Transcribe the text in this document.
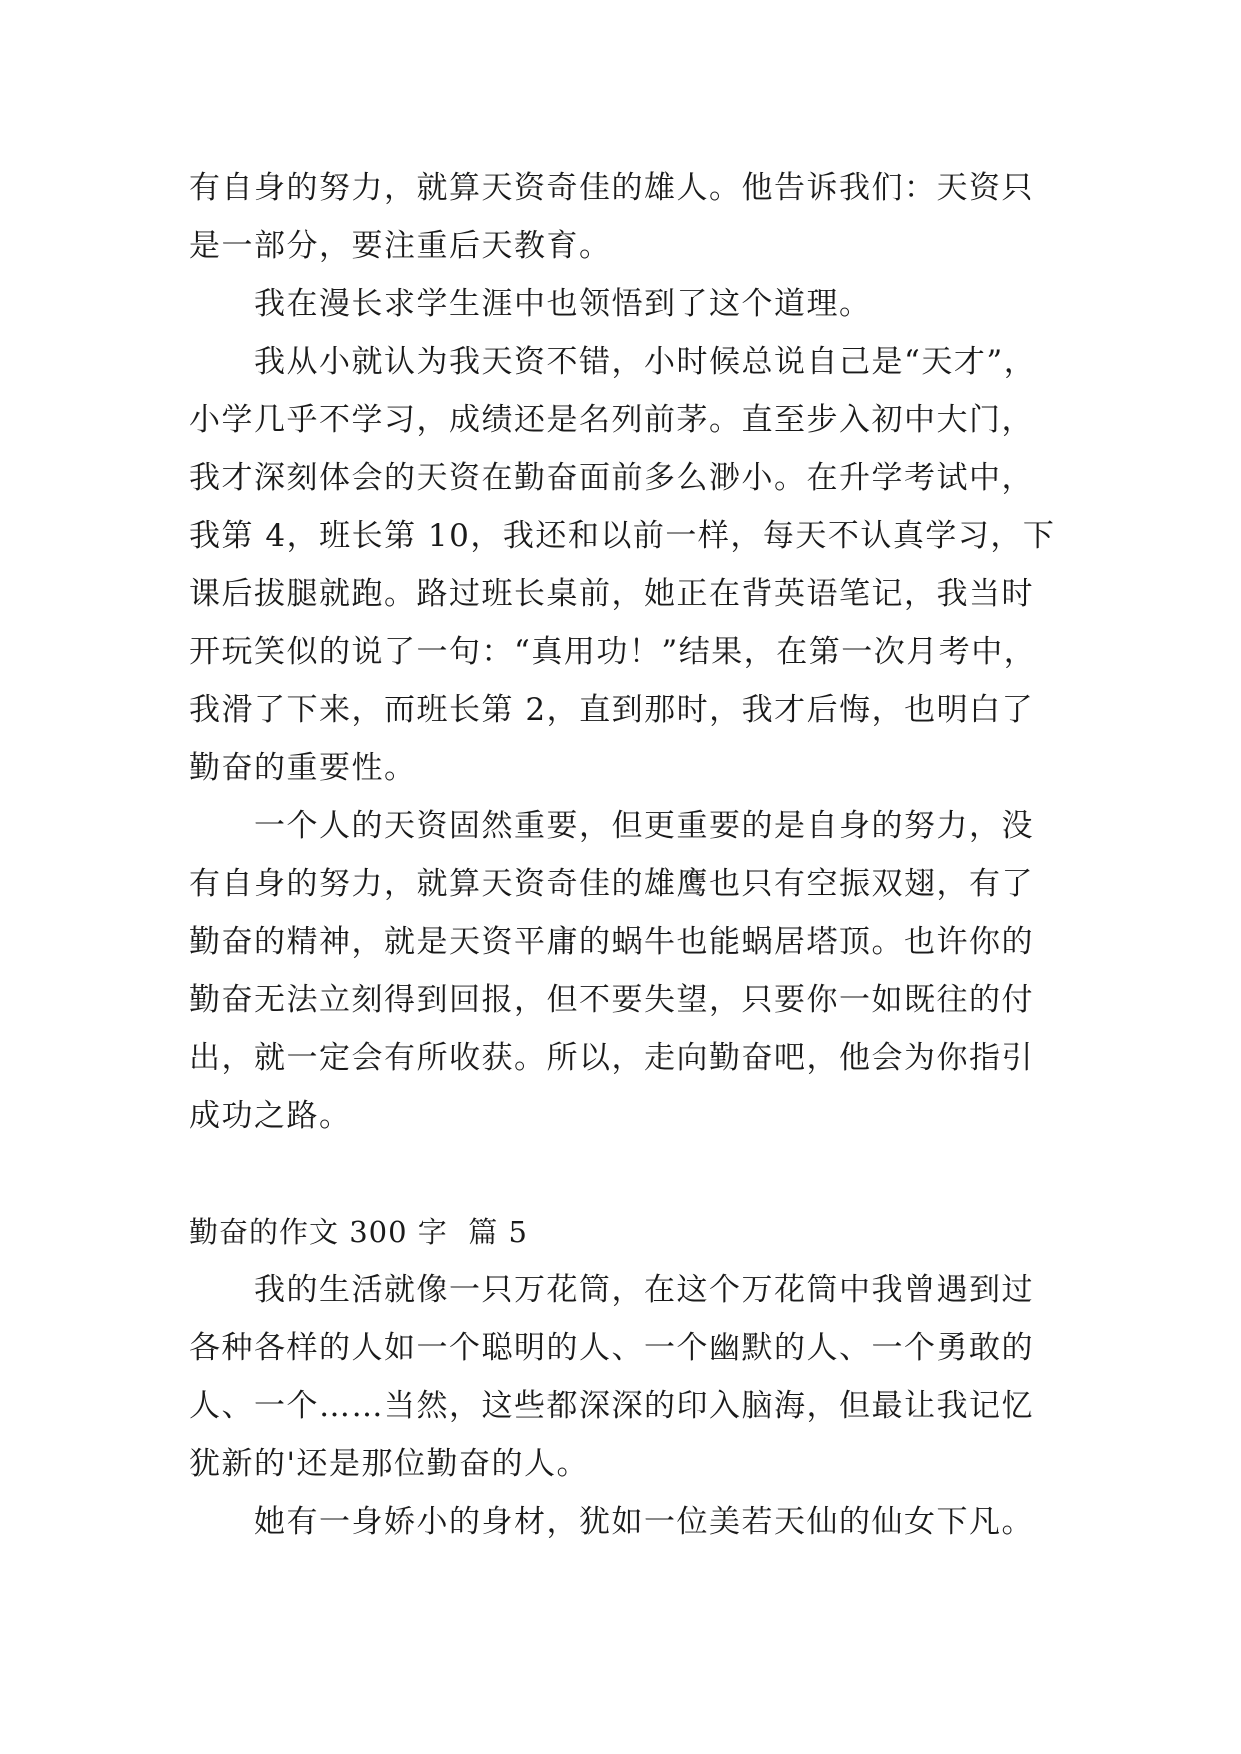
有自身的努力，就算天资奇佳的雄人。他告诉我们：天资只
是一部分，要注重后天教育。
我在漫长求学生涯中也领悟到了这个道理。
我从小就认为我天资不错，小时候总说自己是“天才”，
小学几乎不学习，成绩还是名列前茅。直至步入初中大门，
我才深刻体会的天资在勤奋面前多么渺小。在升学考试中，
我第 4，班长第 10，我还和以前一样，每天不认真学习，下
课后拔腿就跑。路过班长桌前，她正在背英语笔记，我当时
开玩笑似的说了一句：“真用功！”结果，在第一次月考中，
我滑了下来，而班长第 2，直到那时，我才后悔，也明白了
勤奋的重要性。
一个人的天资固然重要，但更重要的是自身的努力，没
有自身的努力，就算天资奇佳的雄鹰也只有空振双翅，有了
勤奋的精神，就是天资平庸的蜗牛也能蜗居塔顶。也许你的
勤奋无法立刻得到回报，但不要失望，只要你一如既往的付
出，就一定会有所收获。所以，走向勤奋吧，他会为你指引
成功之路。
勤奋的作文 300 字  篇 5
我的生活就像一只万花筒，在这个万花筒中我曾遇到过
各种各样的人如一个聪明的人、一个幽默的人、一个勇敢的
人、一个……当然，这些都深深的印入脑海，但最让我记忆
犹新的'还是那位勤奋的人。
她有一身娇小的身材，犹如一位美若天仙的仙女下凡。
